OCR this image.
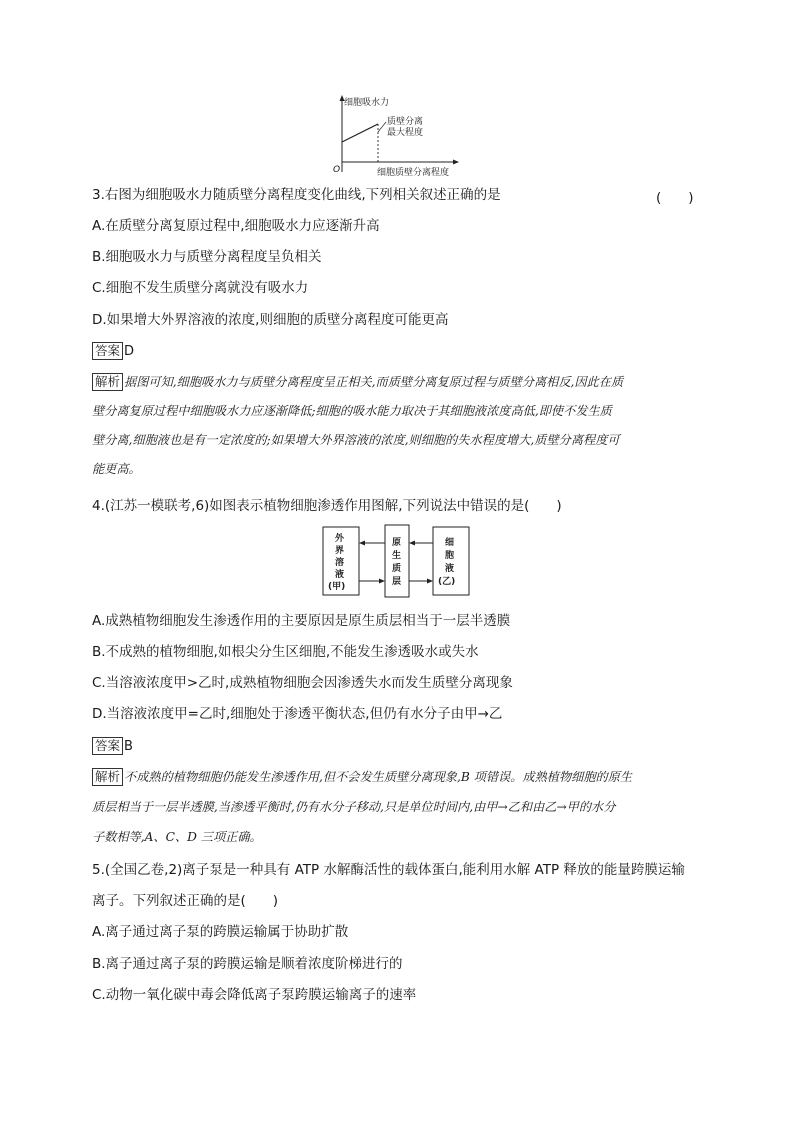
细胞吸水力
质壁分离
最大程度
O	细胞质壁分离程度
3.右图为细胞吸水力随质壁分离程度变化曲线,下列相关叙述正确的是	(　　)
A.在质壁分离复原过程中,细胞吸水力应逐渐升高
B.细胞吸水力与质壁分离程度呈负相关
C.细胞不发生质壁分离就没有吸水力
D.如果增大外界溶液的浓度,则细胞的质壁分离程度可能更高
答案 D
解析 据图可知,细胞吸水力与质壁分离程度呈正相关,而质壁分离复原过程与质壁分离相反,因此在质
壁分离复原过程中细胞吸水力应逐渐降低;细胞的吸水能力取决于其细胞液浓度高低,即使不发生质
壁分离,细胞液也是有一定浓度的;如果增大外界溶液的浓度,则细胞的失水程度增大,质壁分离程度可
能更高。
4.(江苏一模联考,6)如图表示植物细胞渗透作用图解,下列说法中错误的是(　　)
外
界
溶
液
(甲)
原
生
质
层
细
胞
液
(乙)
A.成熟植物细胞发生渗透作用的主要原因是原生质层相当于一层半透膜
B.不成熟的植物细胞,如根尖分生区细胞,不能发生渗透吸水或失水
C.当溶液浓度甲>乙时,成熟植物细胞会因渗透失水而发生质壁分离现象
D.当溶液浓度甲=乙时,细胞处于渗透平衡状态,但仍有水分子由甲→乙
答案 B
解析 不成熟的植物细胞仍能发生渗透作用,但不会发生质壁分离现象,B 项错误。成熟植物细胞的原生
质层相当于一层半透膜,当渗透平衡时,仍有水分子移动,只是单位时间内,由甲→乙和由乙→甲的水分
子数相等,A、C、D 三项正确。
5.(全国乙卷,2)离子泵是一种具有 ATP 水解酶活性的载体蛋白,能利用水解 ATP 释放的能量跨膜运输
离子。下列叙述正确的是(　　)
A.离子通过离子泵的跨膜运输属于协助扩散
B.离子通过离子泵的跨膜运输是顺着浓度阶梯进行的
C.动物一氧化碳中毒会降低离子泵跨膜运输离子的速率
